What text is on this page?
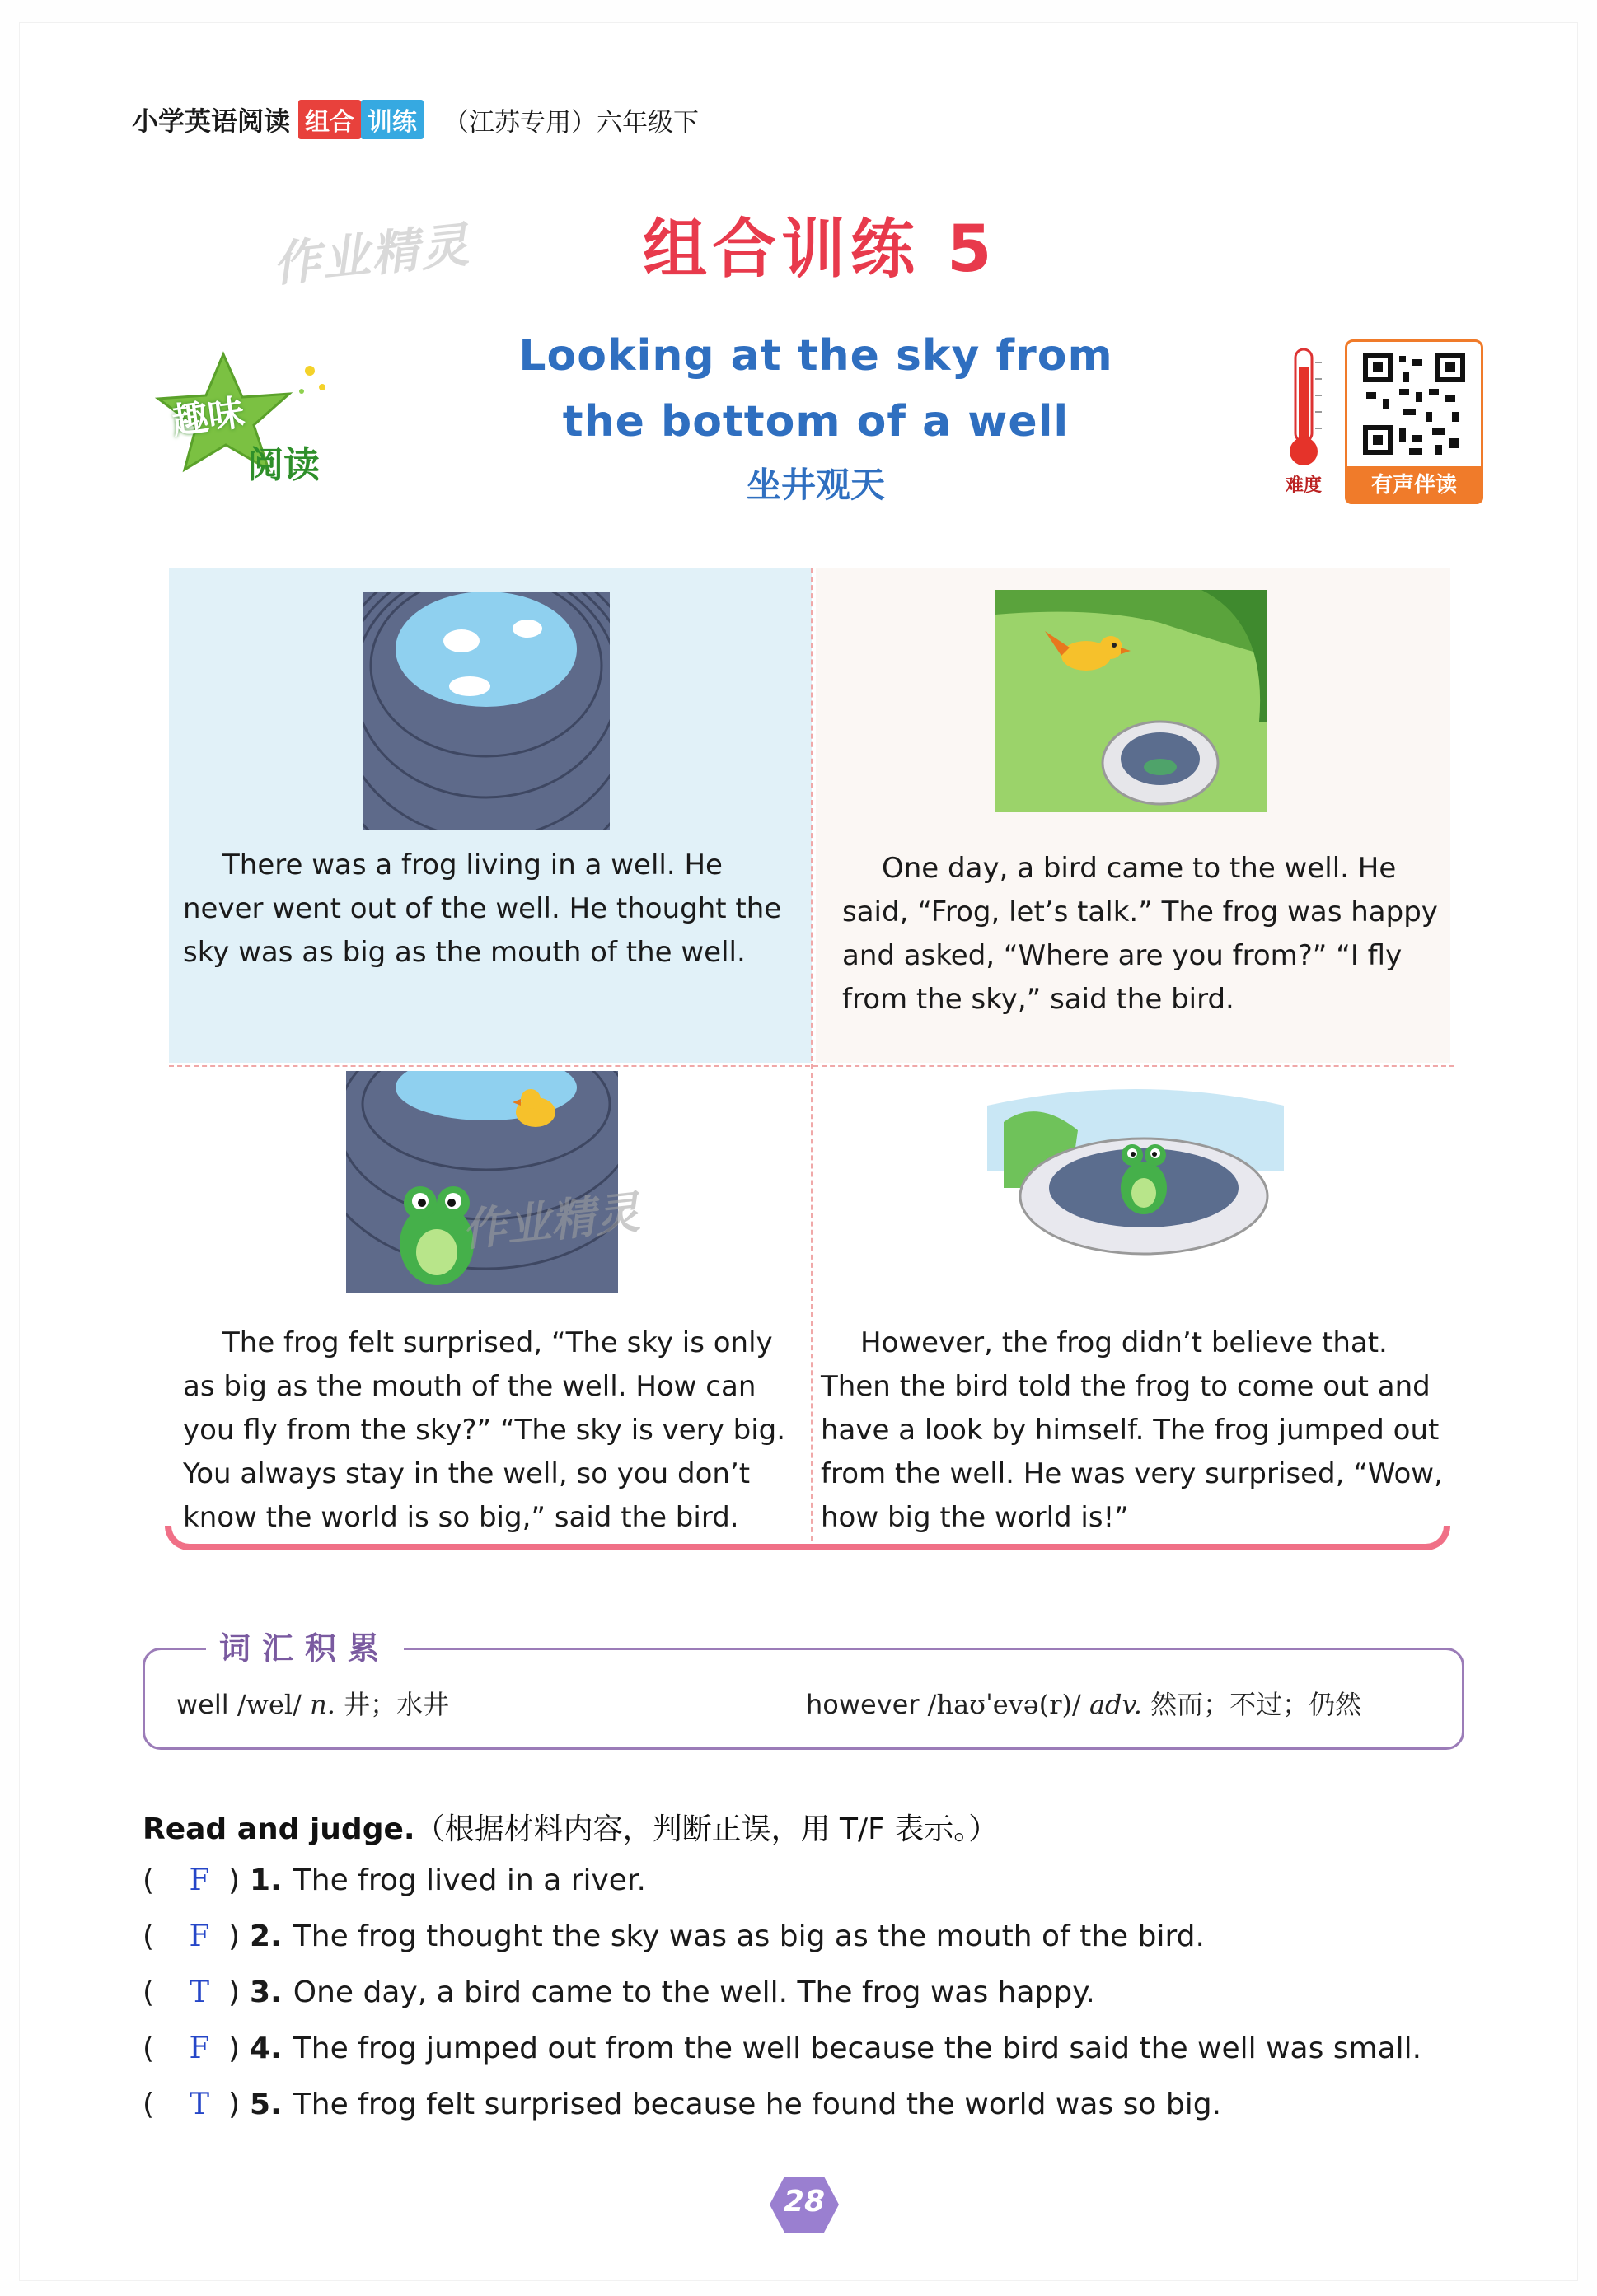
小学英语阅读 组合 训练 （江苏专用）六年级下
作业精灵	组合训练 5
趣味
阅读
Looking at the sky from
the bottom of a well
坐井观天	难度	有声伴读
作业精灵
There was a frog living in a well. He never went out of the well. He thought the sky was as big as the mouth of the well.
One day, a bird came to the well. He said, “Frog, let’s talk.” The frog was happy and asked, “Where are you from?” “I fly from the sky,” said the bird.
The frog felt surprised, “The sky is only as big as the mouth of the well. How can you fly from the sky?” “The sky is very big. You always stay in the well, so you don’t know the world is so big,” said the bird.
However, the frog didn’t believe that. Then the bird told the frog to come out and have a look by himself. The frog jumped out from the well. He was very surprised, “Wow, how big the world is!”
词汇积累
well /wel/ n. 井；水井	however /haʊˈevə(r)/ adv. 然而；不过；仍然
Read and judge.（根据材料内容，判断正误，用 T/F 表示。）
(	F ) 1. The frog lived in a river.
(	F ) 2. The frog thought the sky was as big as the mouth of the bird.
(	T ) 3. One day, a bird came to the well. The frog was happy.
(	F ) 4. The frog jumped out from the well because the bird said the well was small.
(	T ) 5. The frog felt surprised because he found the world was so big.
28
